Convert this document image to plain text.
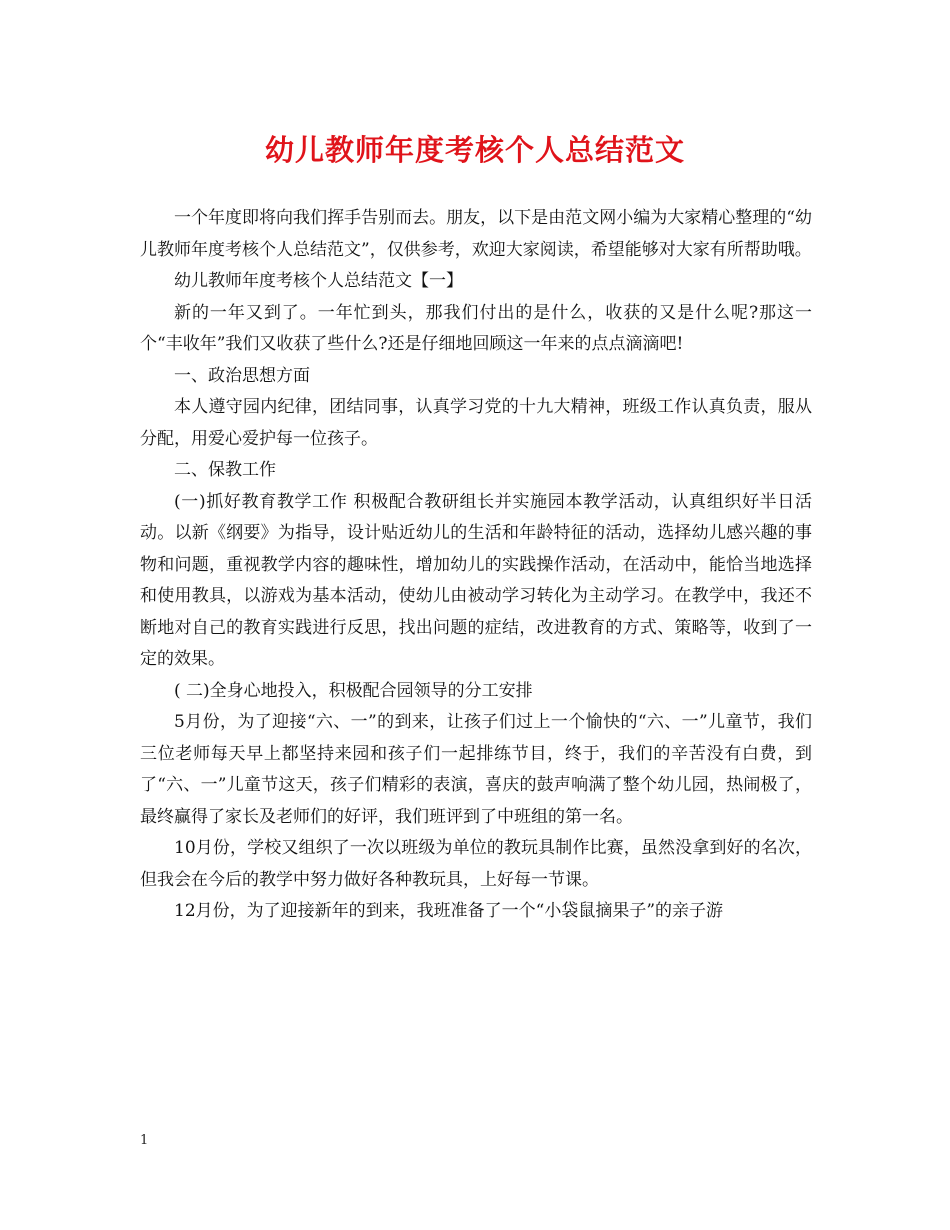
幼儿教师年度考核个人总结范文

一个年度即将向我们挥手告别而去。朋友，以下是由范文网小编为大家精心整理的“幼儿教师年度考核个人总结范文”，仅供参考，欢迎大家阅读，希望能够对大家有所帮助哦。

幼儿教师年度考核个人总结范文【一】

新的一年又到了。一年忙到头，那我们付出的是什么，收获的又是什么呢?那这一个“丰收年”我们又收获了些什么?还是仔细地回顾这一年来的点点滴滴吧!

一、政治思想方面

本人遵守园内纪律，团结同事，认真学习党的十九大精神，班级工作认真负责，服从分配，用爱心爱护每一位孩子。

二、保教工作

(一)抓好教育教学工作 积极配合教研组长并实施园本教学活动，认真组织好半日活动。以新《纲要》为指导，设计贴近幼儿的生活和年龄特征的活动，选择幼儿感兴趣的事物和问题，重视教学内容的趣味性，增加幼儿的实践操作活动，在活动中，能恰当地选择和使用教具，以游戏为基本活动，使幼儿由被动学习转化为主动学习。在教学中，我还不断地对自己的教育实践进行反思，找出问题的症结，改进教育的方式、策略等，收到了一定的效果。

( 二)全身心地投入，积极配合园领导的分工安排

5月份，为了迎接“六、一”的到来，让孩子们过上一个愉快的“六、一”儿童节，我们三位老师每天早上都坚持来园和孩子们一起排练节目，终于，我们的辛苦没有白费，到了“六、一”儿童节这天，孩子们精彩的表演，喜庆的鼓声响满了整个幼儿园，热闹极了，最终赢得了家长及老师们的好评，我们班评到了中班组的第一名。

10月份，学校又组织了一次以班级为单位的教玩具制作比赛，虽然没拿到好的名次，但我会在今后的教学中努力做好各种教玩具，上好每一节课。

12月份，为了迎接新年的到来，我班准备了一个“小袋鼠摘果子”的亲子游

1
